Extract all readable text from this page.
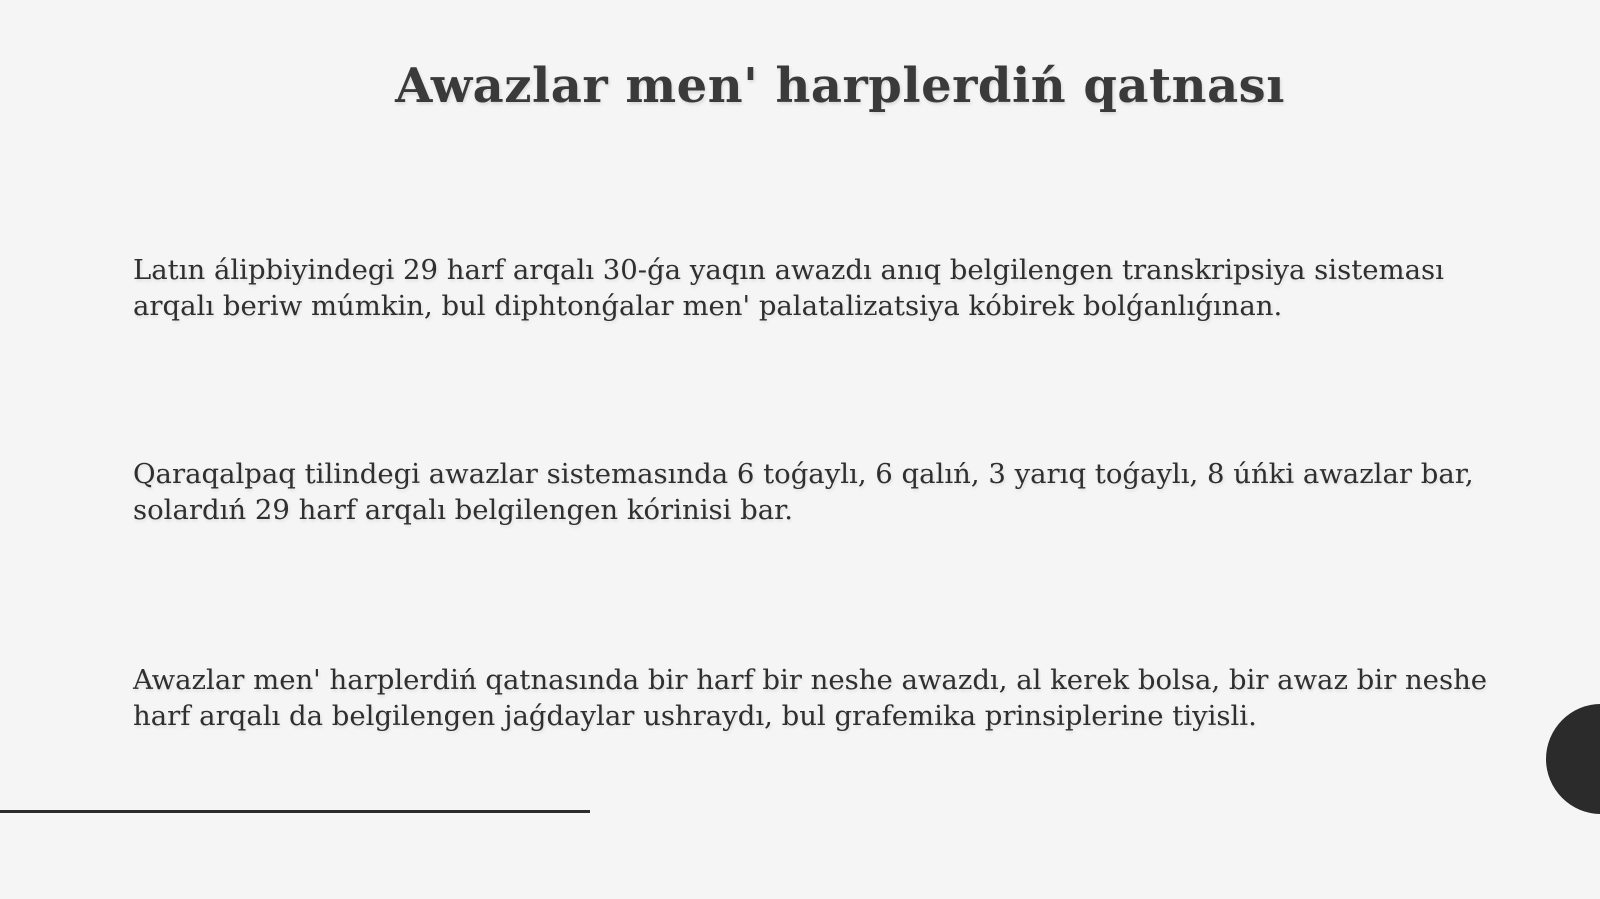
Awazlar men' harplerdiń qatnası

Latın álipbiyindegi 29 harf arqalı 30-ǵa yaqın awazdı anıq belgilengen transkripsiya sisteması arqalı beriw múmkin, bul diphtonǵalar men' palatalizatsiya kóbirek bolǵanlıǵınan.

Qaraqalpaq tilindegi awazlar sistemasında 6 toǵaylı, 6 qalıń, 3 yarıq toǵaylı, 8 úńki awazlar bar, solardıń 29 harf arqalı belgilengen kórinisi bar.

Awazlar men' harplerdiń qatnasında bir harf bir neshe awazdı, al kerek bolsa, bir awaz bir neshe harf arqalı da belgilengen jaǵdaylar ushraydı, bul grafemika prinsiplerine tiyisli.
